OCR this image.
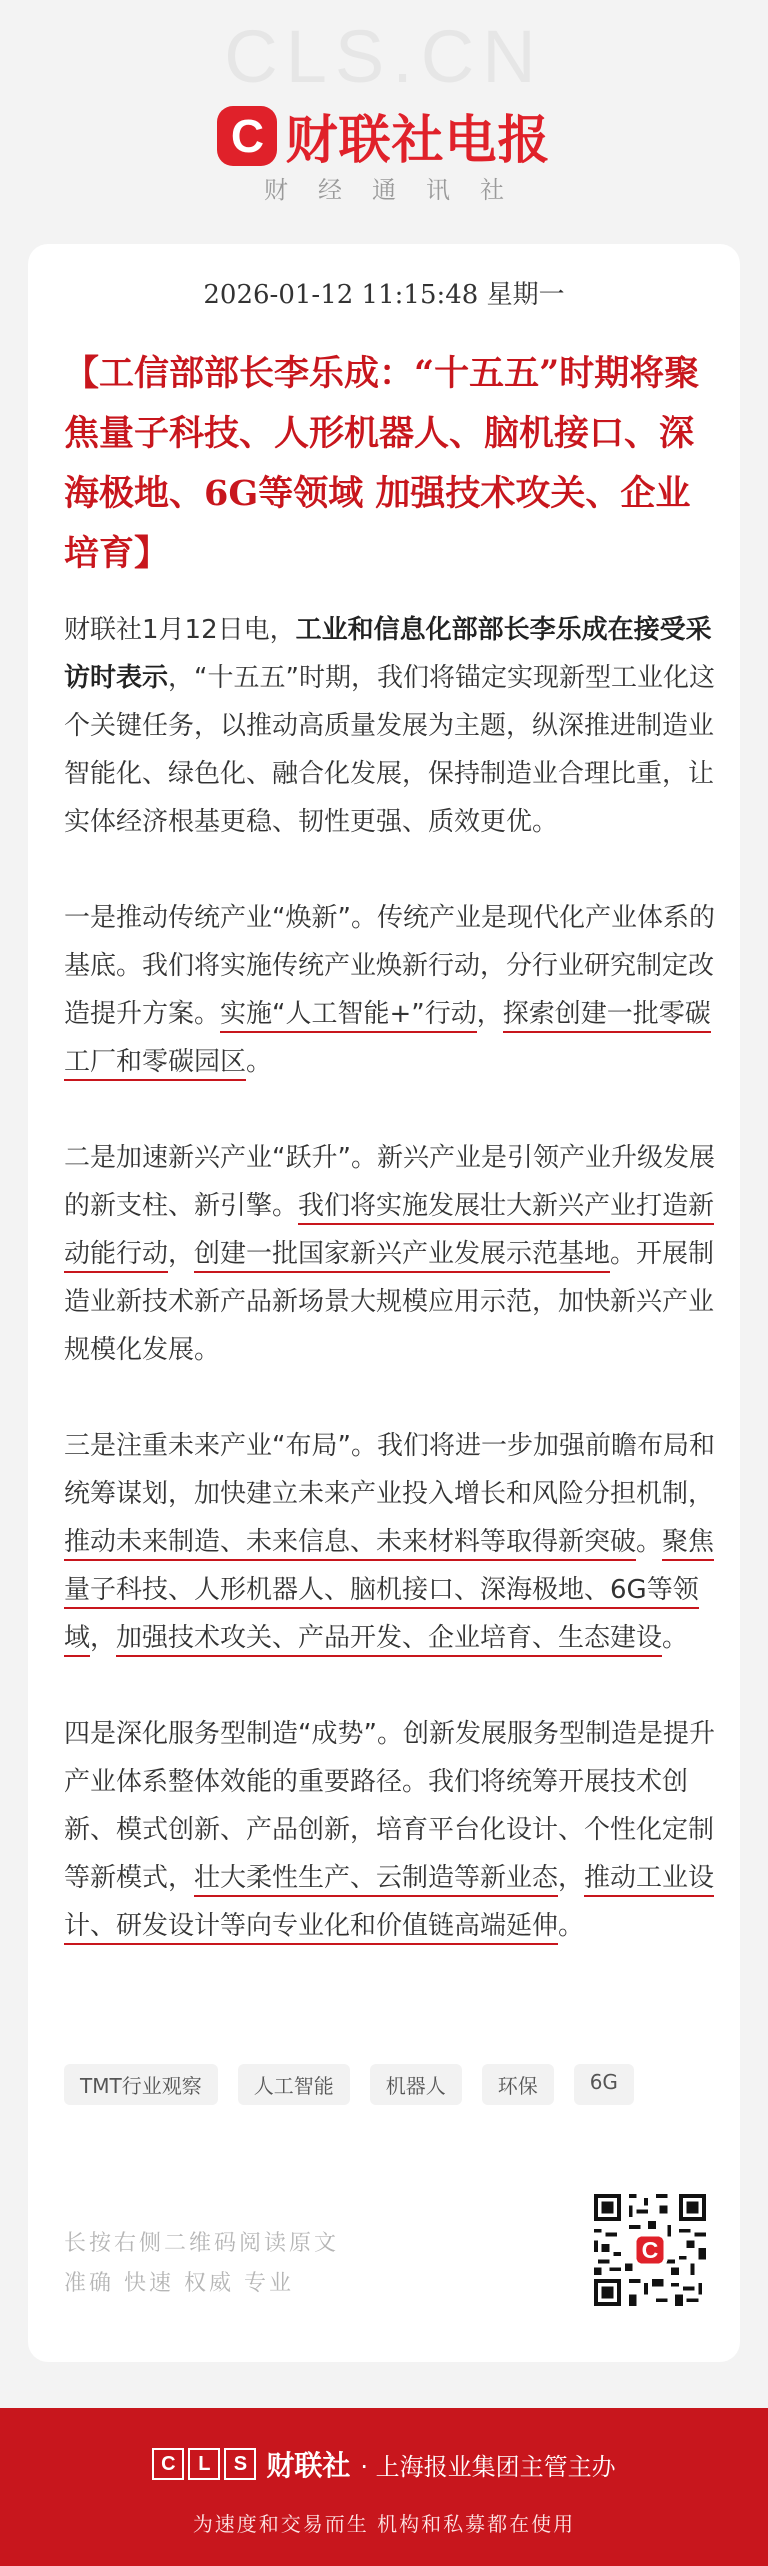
CLS.CN
C 财联社电报
财经通讯社
2026-01-12 11:15:48 星期一
【工信部部长李乐成：“十五五”时期将聚焦量子科技、人形机器人、脑机接口、深海极地、6G等领域 加强技术攻关、企业培育】

财联社1月12日电，工业和信息化部部长李乐成在接受采访时表示，“十五五”时期，我们将锚定实现新型工业化这个关键任务，以推动高质量发展为主题，纵深推进制造业智能化、绿色化、融合化发展，保持制造业合理比重，让实体经济根基更稳、韧性更强、质效更优。

一是推动传统产业“焕新”。传统产业是现代化产业体系的基底。我们将实施传统产业焕新行动，分行业研究制定改造提升方案。实施“人工智能+”行动，探索创建一批零碳工厂和零碳园区。

二是加速新兴产业“跃升”。新兴产业是引领产业升级发展的新支柱、新引擎。我们将实施发展壮大新兴产业打造新动能行动，创建一批国家新兴产业发展示范基地。开展制造业新技术新产品新场景大规模应用示范，加快新兴产业规模化发展。

三是注重未来产业“布局”。我们将进一步加强前瞻布局和统筹谋划，加快建立未来产业投入增长和风险分担机制，推动未来制造、未来信息、未来材料等取得新突破。聚焦量子科技、人形机器人、脑机接口、深海极地、6G等领域，加强技术攻关、产品开发、企业培育、生态建设。

四是深化服务型制造“成势”。创新发展服务型制造是提升产业体系整体效能的重要路径。我们将统筹开展技术创新、模式创新、产品创新，培育平台化设计、个性化定制等新模式，壮大柔性生产、云制造等新业态，推动工业设计、研发设计等向专业化和价值链高端延伸。

TMT行业观察	人工智能	机器人	环保	6G
长按右侧二维码阅读原文
准确 快速 权威 专业
C
C	L	S 财联社 · 上海报业集团主管主办
为速度和交易而生 机构和私募都在使用
